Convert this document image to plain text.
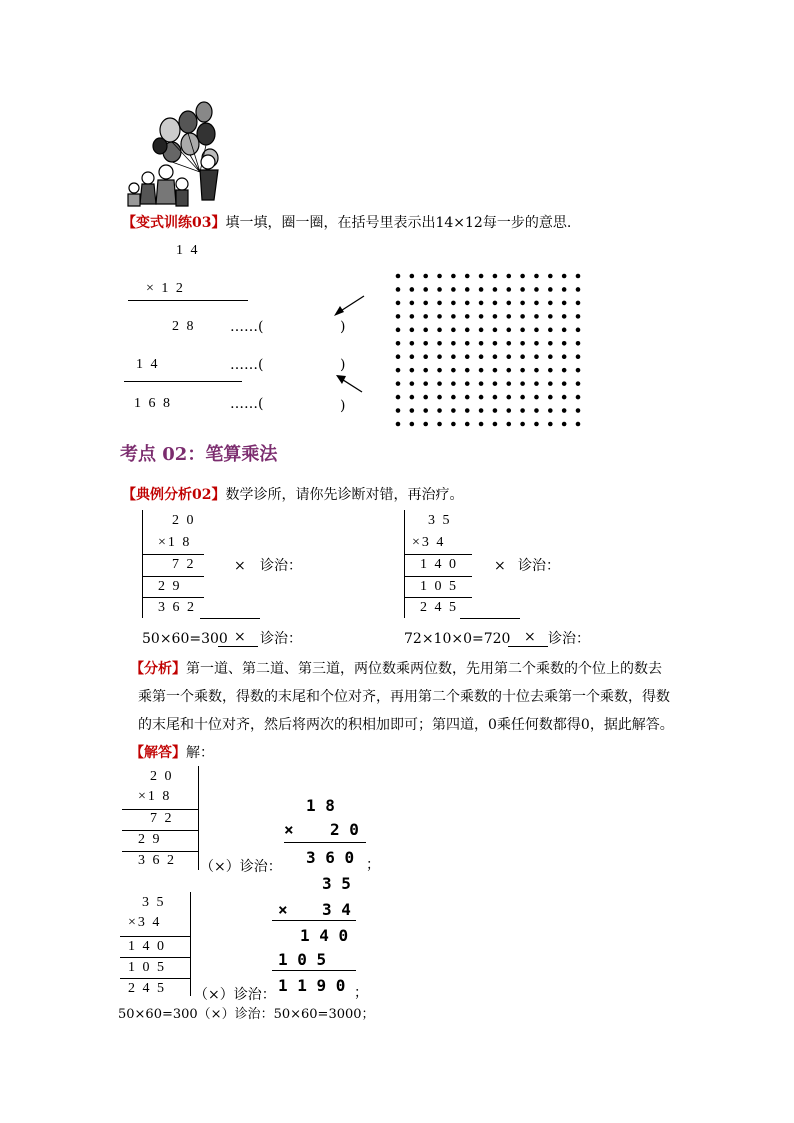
【变式训练03】填一填，圈一圈，在括号里表示出14×12每一步的意思.
1 4
× 1 2
2 8 ……(	)
1 4	……(	)
1 6 8	……(	)
考点 02：笔算乘法
【典例分析02】数学诊所，请你先诊断对错，再治疗。
2 0
×1 8
7 2
2 9
3 6 2
× 诊治：
3 5
×3 4
1 4 0
1 0 5
2 4 5
× 诊治：
50×60=300 × 诊治：	72×10×0=720 × 诊治：
【分析】第一道、第二道、第三道，两位数乘两位数，先用第二个乘数的个位上的数去
乘第一个乘数，得数的末尾和个位对齐，再用第二个乘数的十位去乘第一个乘数，得数
的末尾和十位对齐，然后将两次的积相加即可；第四道，0乘任何数都得0，据此解答。
【解答】解：
2 0
×1 8
7 2
2 9
3 6 2 （×）诊治：
1 8
× 2 0
3 6 0 ；
3 5
×3 4
1 4 0
1 0 5
2 4 5 （×）诊治：
3 5
× 3 4
1 4 0
1 0 5
1 1 9 0 ；
50×60=300（×）诊治：50×60=3000；
